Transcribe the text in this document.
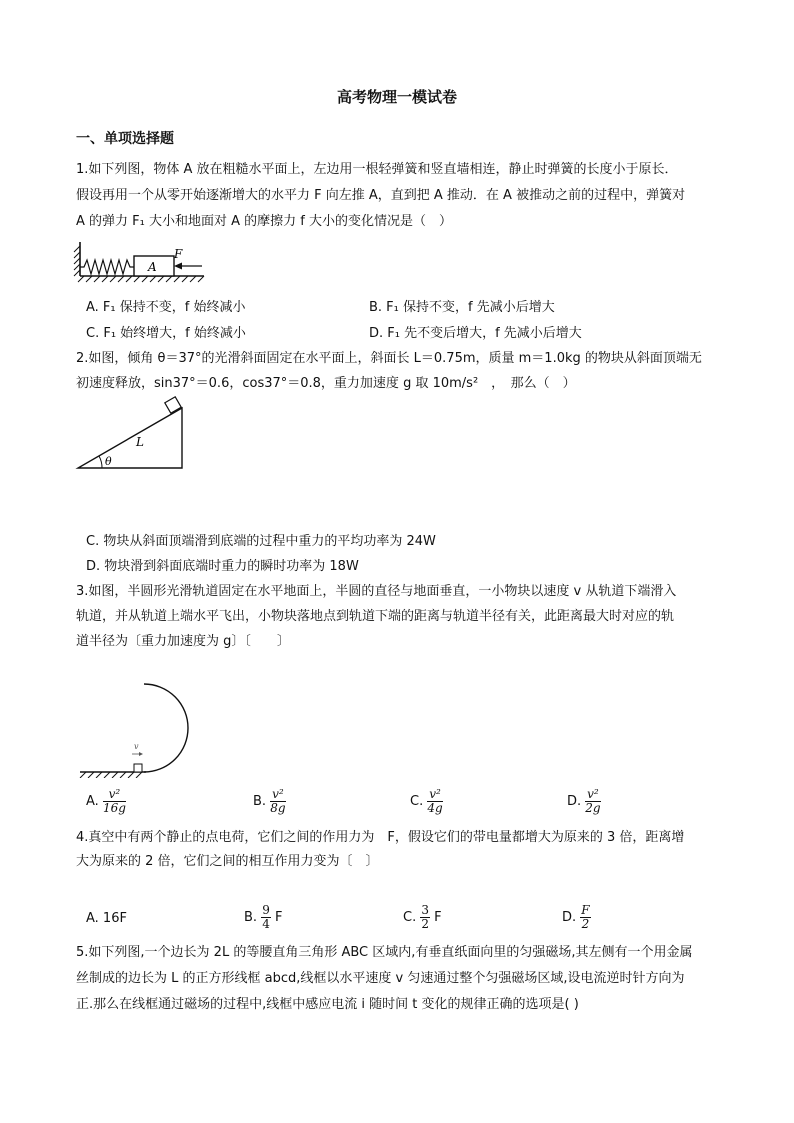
高考物理一模试卷
一、单项选择题
1.如下列图，物体 A 放在粗糙水平面上，左边用一根轻弹簧和竖直墙相连，静止时弹簧的长度小于原长．
假设再用一个从零开始逐渐增大的水平力 F 向左推 A，直到把 A 推动．在 A 被推动之前的过程中，弹簧对
A 的弹力 F₁ 大小和地面对 A 的摩擦力 f 大小的变化情况是（　）
A
F
A. F₁ 保持不变，f 始终减小	B. F₁ 保持不变，f 先减小后增大
C. F₁ 始终增大，f 始终减小	D. F₁ 先不变后增大，f 先减小后增大
2.如图，倾角 θ＝37°的光滑斜面固定在水平面上，斜面长 L＝0.75m，质量 m＝1.0kg 的物块从斜面顶端无
初速度释放，sin37°＝0.6，cos37°＝0.8，重力加速度 g 取 10m/s²　，　那么（　）
L
θ
C. 物块从斜面顶端滑到底端的过程中重力的平均功率为 24W
D. 物块滑到斜面底端时重力的瞬时功率为 18W
3.如图，半圆形光滑轨道固定在水平地面上，半圆的直径与地面垂直，一小物块以速度 v 从轨道下端滑入
轨道，并从轨道上端水平飞出，小物块落地点到轨道下端的距离与轨道半径有关，此距离最大时对应的轨
道半径为〔重力加速度为 g〕〔　　〕
v
A. $\frac{\text{v²}}{16g}$	B. $\frac{\text{v²}}{8g}$	C. $\frac{\text{v²}}{4g}$	D. $\frac{\text{v²}}{2g}$
4.真空中有两个静止的点电荷，它们之间的作用力为　F，假设它们的带电量都增大为原来的 3 倍，距离增
大为原来的 2 倍，它们之间的相互作用力变为〔　〕
A. 16F	B. $\frac{9}{4}$ F	C. $\frac{3}{2}$ F	D. $\frac{F}{2}$
5.如下列图,一个边长为 2L 的等腰直角三角形 ABC 区域内,有垂直纸面向里的匀强磁场,其左侧有一个用金属
丝制成的边长为 L 的正方形线框 abcd,线框以水平速度 v 匀速通过整个匀强磁场区域,设电流逆时针方向为
正.那么在线框通过磁场的过程中,线框中感应电流 i 随时间 t 变化的规律正确的选项是( )
